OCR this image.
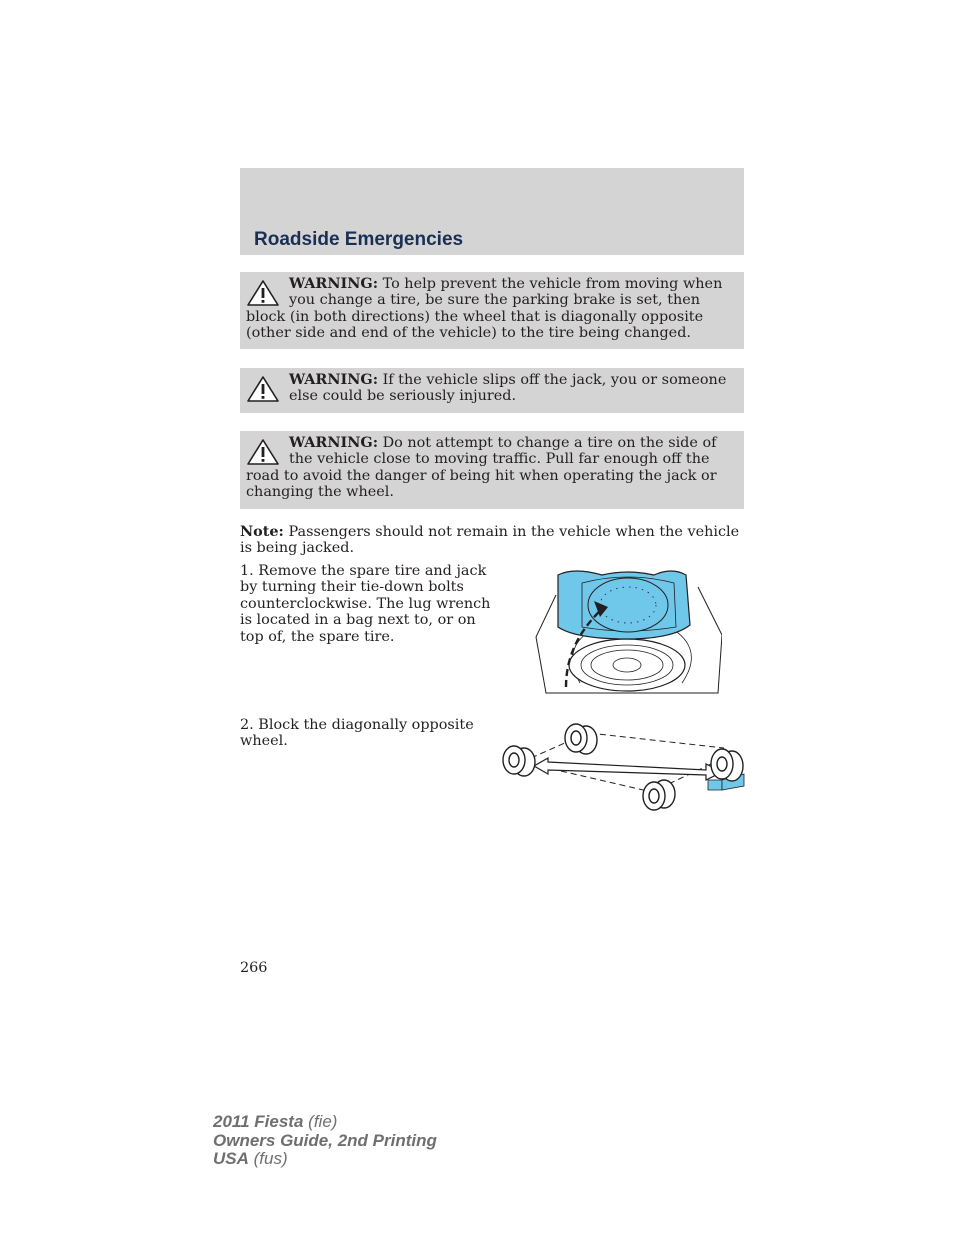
Roadside Emergencies

WARNING: To help prevent the vehicle from moving when you change a tire, be sure the parking brake is set, then block (in both directions) the wheel that is diagonally opposite (other side and end of the vehicle) to the tire being changed.

WARNING: If the vehicle slips off the jack, you or someone else could be seriously injured.

WARNING: Do not attempt to change a tire on the side of the vehicle close to moving traffic. Pull far enough off the road to avoid the danger of being hit when operating the jack or changing the wheel.

Note: Passengers should not remain in the vehicle when the vehicle is being jacked.

1. Remove the spare tire and jack by turning their tie-down bolts counterclockwise. The lug wrench is located in a bag next to, or on top of, the spare tire.

2. Block the diagonally opposite wheel.

266
2011 Fiesta (fie)
Owners Guide, 2nd Printing
USA (fus)
